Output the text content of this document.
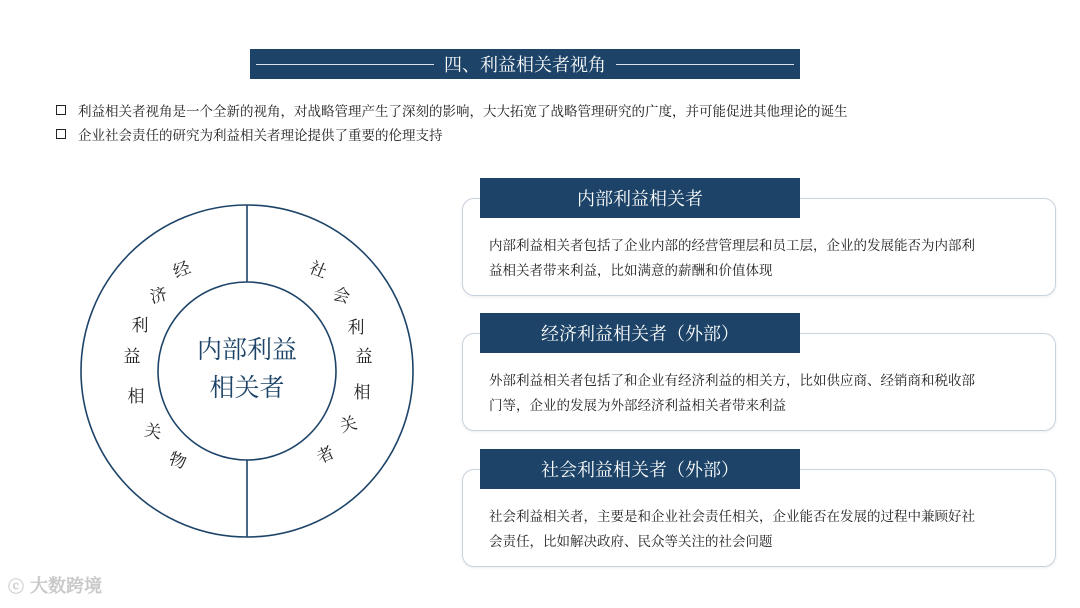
四、利益相关者视角
利益相关者视角是一个全新的视角，对战略管理产生了深刻的影响，大大拓宽了战略管理研究的广度，并可能促进其他理论的诞生
企业社会责任的研究为利益相关者理论提供了重要的伦理支持
内部利益
相关者
经
济
利
益
相
关
物
社
会
利
益
相
关
者
内部利益相关者包括了企业内部的经营管理层和员工层，企业的发展能否为内部利
益相关者带来利益，比如满意的薪酬和价值体现
内部利益相关者
外部利益相关者包括了和企业有经济利益的相关方，比如供应商、经销商和税收部
门等，企业的发展为外部经济利益相关者带来利益
经济利益相关者（外部）
社会利益相关者，主要是和企业社会责任相关，企业能否在发展的过程中兼顾好社
会责任，比如解决政府、民众等关注的社会问题
社会利益相关者（外部）
ⓒ 大数跨境
